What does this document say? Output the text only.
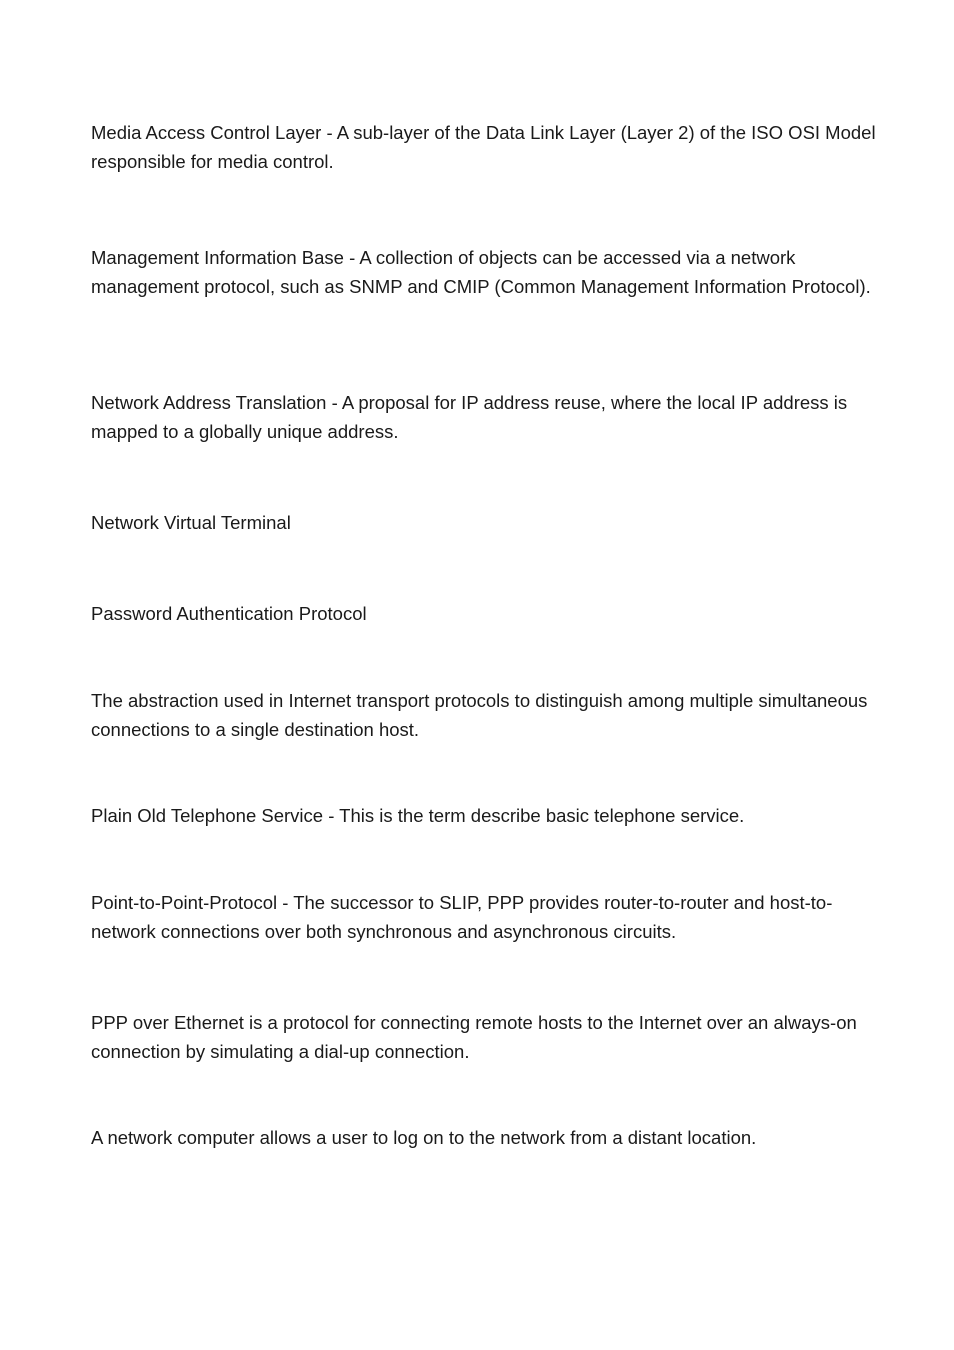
Media Access Control Layer - A sub-layer of the Data Link Layer (Layer 2) of the ISO OSI Model responsible for media control.

Management Information Base - A collection of objects can be accessed via a network management protocol, such as SNMP and CMIP (Common Management Information Protocol).

Network Address Translation - A proposal for IP address reuse, where the local IP address is mapped to a globally unique address.

Network Virtual Terminal

Password Authentication Protocol

The abstraction used in Internet transport protocols to distinguish among multiple simultaneous connections to a single destination host.

Plain Old Telephone Service - This is the term describe basic telephone service.

Point-to-Point-Protocol - The successor to SLIP, PPP provides router-to-router and host-to-network connections over both synchronous and asynchronous circuits.

PPP over Ethernet is a protocol for connecting remote hosts to the Internet over an always-on connection by simulating a dial-up connection.

A network computer allows a user to log on to the network from a distant location.
